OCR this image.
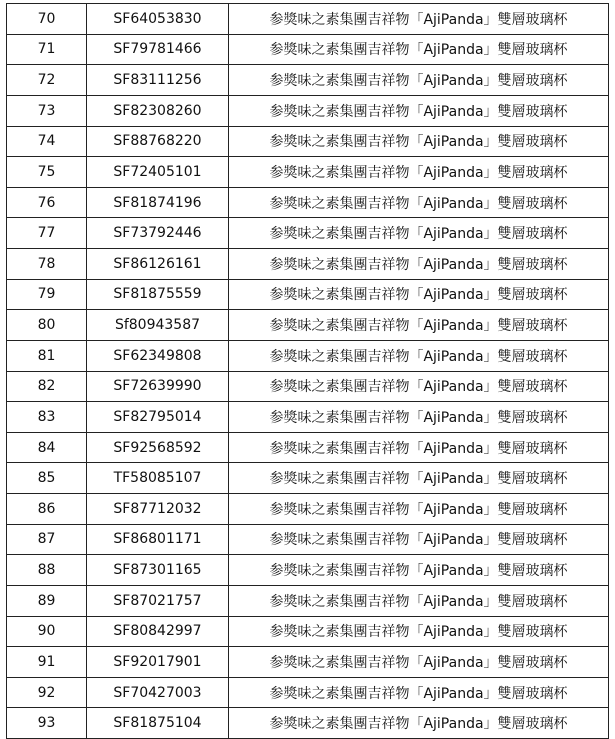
70	SF64053830	参獎味之素集團吉祥物「AjiPanda」雙層玻璃杯
71	SF79781466	参獎味之素集團吉祥物「AjiPanda」雙層玻璃杯
72	SF83111256	参獎味之素集團吉祥物「AjiPanda」雙層玻璃杯
73	SF82308260	参獎味之素集團吉祥物「AjiPanda」雙層玻璃杯
74	SF88768220	参獎味之素集團吉祥物「AjiPanda」雙層玻璃杯
75	SF72405101	参獎味之素集團吉祥物「AjiPanda」雙層玻璃杯
76	SF81874196	参獎味之素集團吉祥物「AjiPanda」雙層玻璃杯
77	SF73792446	参獎味之素集團吉祥物「AjiPanda」雙層玻璃杯
78	SF86126161	参獎味之素集團吉祥物「AjiPanda」雙層玻璃杯
79	SF81875559	参獎味之素集團吉祥物「AjiPanda」雙層玻璃杯
80	Sf80943587	参獎味之素集團吉祥物「AjiPanda」雙層玻璃杯
81	SF62349808	参獎味之素集團吉祥物「AjiPanda」雙層玻璃杯
82	SF72639990	参獎味之素集團吉祥物「AjiPanda」雙層玻璃杯
83	SF82795014	参獎味之素集團吉祥物「AjiPanda」雙層玻璃杯
84	SF92568592	参獎味之素集團吉祥物「AjiPanda」雙層玻璃杯
85	TF58085107	参獎味之素集團吉祥物「AjiPanda」雙層玻璃杯
86	SF87712032	参獎味之素集團吉祥物「AjiPanda」雙層玻璃杯
87	SF86801171	参獎味之素集團吉祥物「AjiPanda」雙層玻璃杯
88	SF87301165	参獎味之素集團吉祥物「AjiPanda」雙層玻璃杯
89	SF87021757	参獎味之素集團吉祥物「AjiPanda」雙層玻璃杯
90	SF80842997	参獎味之素集團吉祥物「AjiPanda」雙層玻璃杯
91	SF92017901	参獎味之素集團吉祥物「AjiPanda」雙層玻璃杯
92	SF70427003	参獎味之素集團吉祥物「AjiPanda」雙層玻璃杯
93	SF81875104	参獎味之素集團吉祥物「AjiPanda」雙層玻璃杯
